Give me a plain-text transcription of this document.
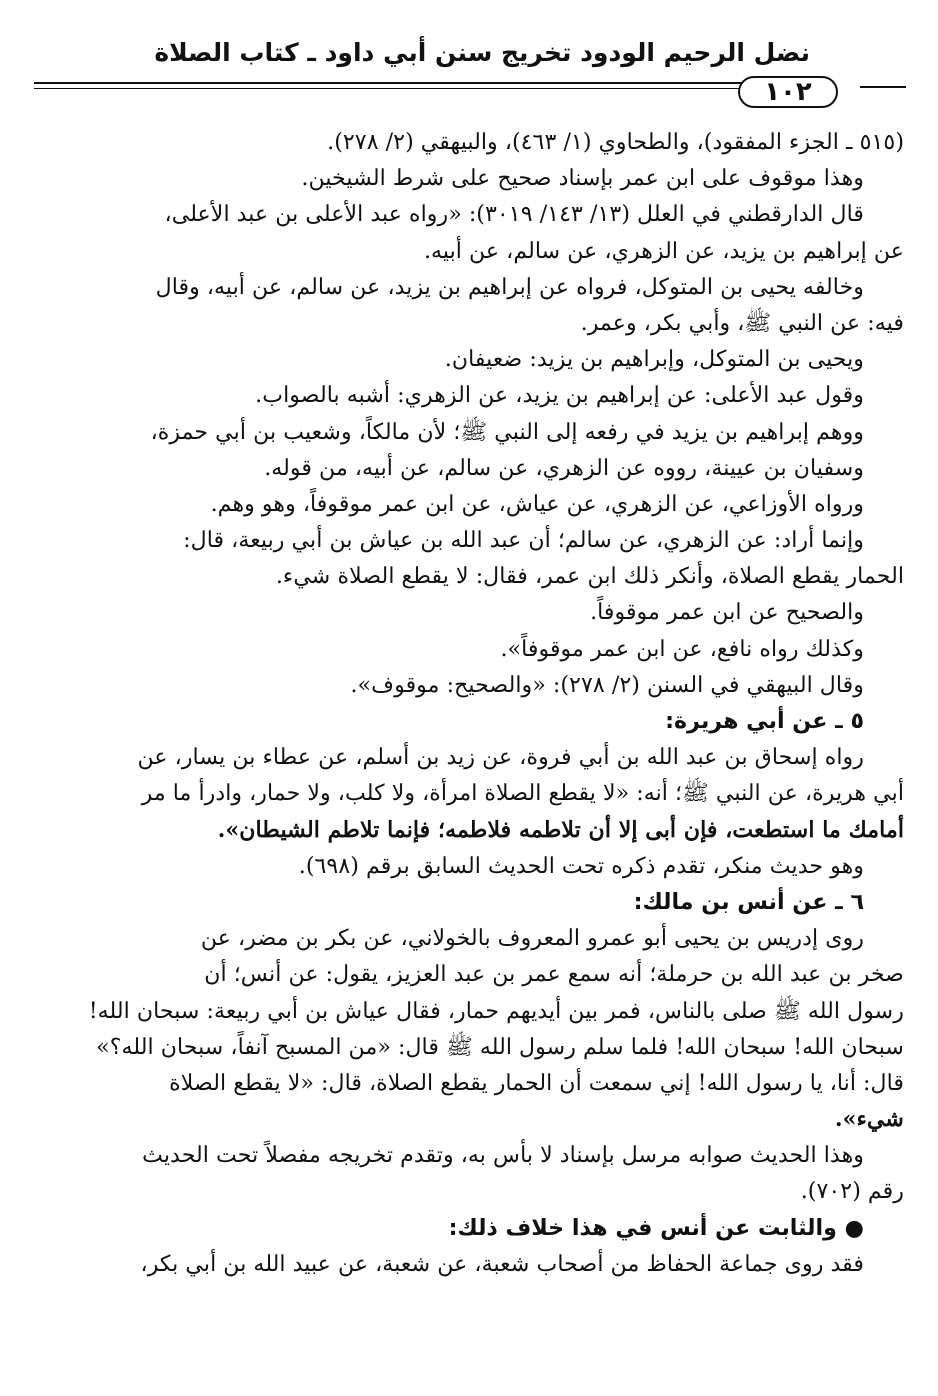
نضل الرحيم الودود تخريج سنن أبي داود ـ كتاب الصلاة
١٠٢
(٥١٥ ـ الجزء المفقود)، والطحاوي (١/ ٤٦٣)، والبيهقي (٢/ ٢٧٨).
وهذا موقوف على ابن عمر بإسناد صحيح على شرط الشيخين.
قال الدارقطني في العلل (١٣/ ١٤٣/ ٣٠١٩): «رواه عبد الأعلى بن عبد الأعلى،
عن إبراهيم بن يزيد، عن الزهري، عن سالم، عن أبيه.
وخالفه يحيى بن المتوكل، فرواه عن إبراهيم بن يزيد، عن سالم، عن أبيه، وقال
فيه: عن النبي ﷺ، وأبي بكر، وعمر.
ويحيى بن المتوكل، وإبراهيم بن يزيد: ضعيفان.
وقول عبد الأعلى: عن إبراهيم بن يزيد، عن الزهري: أشبه بالصواب.
ووهم إبراهيم بن يزيد في رفعه إلى النبي ﷺ؛ لأن مالكاً، وشعيب بن أبي حمزة،
وسفيان بن عيينة، رووه عن الزهري، عن سالم، عن أبيه، من قوله.
ورواه الأوزاعي، عن الزهري، عن عياش، عن ابن عمر موقوفاً، وهو وهم.
وإنما أراد: عن الزهري، عن سالم؛ أن عبد الله بن عياش بن أبي ربيعة، قال:
الحمار يقطع الصلاة، وأنكر ذلك ابن عمر، فقال: لا يقطع الصلاة شيء.
والصحيح عن ابن عمر موقوفاً.
وكذلك رواه نافع، عن ابن عمر موقوفاً».
وقال البيهقي في السنن (٢/ ٢٧٨): «والصحيح: موقوف».
٥ ـ عن أبي هريرة:
رواه إسحاق بن عبد الله بن أبي فروة، عن زيد بن أسلم، عن عطاء بن يسار، عن
أبي هريرة، عن النبي ﷺ؛ أنه: «لا يقطع الصلاة امرأة، ولا كلب، ولا حمار، وادرأ ما مر
أمامك ما استطعت، فإن أبى إلا أن تلاطمه فلاطمه؛ فإنما تلاطم الشيطان».
وهو حديث منكر، تقدم ذكره تحت الحديث السابق برقم (٦٩٨).
٦ ـ عن أنس بن مالك:
روى إدريس بن يحيى أبو عمرو المعروف بالخولاني، عن بكر بن مضر، عن
صخر بن عبد الله بن حرملة؛ أنه سمع عمر بن عبد العزيز، يقول: عن أنس؛ أن
رسول الله ﷺ صلى بالناس، فمر بين أيديهم حمار، فقال عياش بن أبي ربيعة: سبحان الله!
سبحان الله! سبحان الله! فلما سلم رسول الله ﷺ قال: «من المسبح آنفاً، سبحان الله؟»
قال: أنا، يا رسول الله! إني سمعت أن الحمار يقطع الصلاة، قال: «لا يقطع الصلاة
شيء».
وهذا الحديث صوابه مرسل بإسناد لا بأس به، وتقدم تخريجه مفصلاً تحت الحديث
رقم (٧٠٢).
● والثابت عن أنس في هذا خلاف ذلك:
فقد روى جماعة الحفاظ من أصحاب شعبة، عن شعبة، عن عبيد الله بن أبي بكر،
